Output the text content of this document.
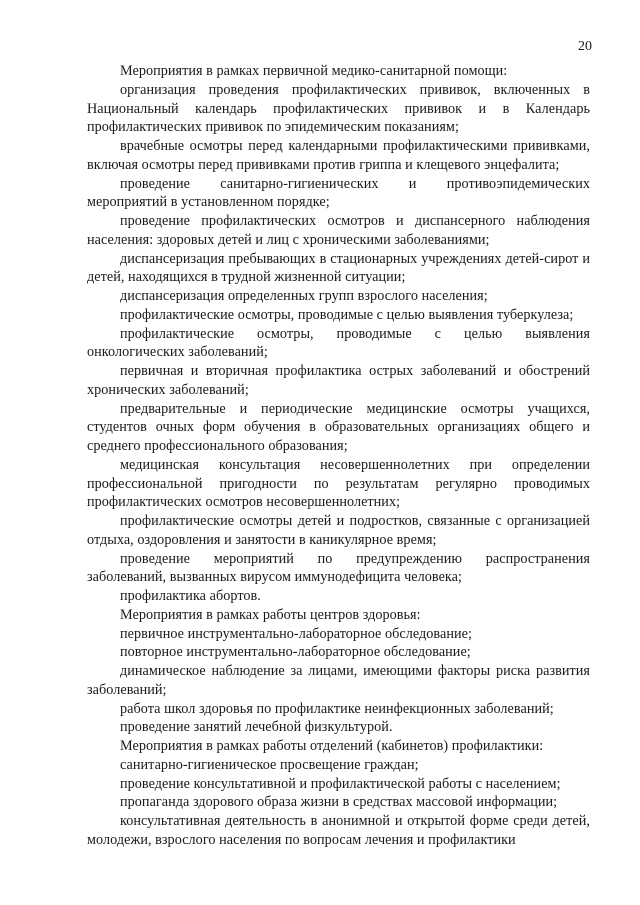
20

Мероприятия в рамках первичной медико-санитарной помощи:

организация проведения профилактических прививок, включенных в Национальный календарь профилактических прививок и в Календарь профилактических прививок по эпидемическим показаниям;

врачебные осмотры перед календарными профилактическими прививками, включая осмотры перед прививками против гриппа и клещевого энцефалита;

проведение санитарно-гигиенических и противоэпидемических мероприятий в установленном порядке;

проведение профилактических осмотров и диспансерного наблюдения населения: здоровых детей и лиц с хроническими заболеваниями;

диспансеризация пребывающих в стационарных учреждениях детей-сирот и детей, находящихся в трудной жизненной ситуации;

диспансеризация определенных групп взрослого населения;

профилактические осмотры, проводимые с целью выявления туберкулеза;

профилактические осмотры, проводимые с целью выявления онкологических заболеваний;

первичная и вторичная профилактика острых заболеваний и обострений хронических заболеваний;

предварительные и периодические медицинские осмотры учащихся, студентов очных форм обучения в образовательных организациях общего и среднего профессионального образования;

медицинская консультация несовершеннолетних при определении профессиональной пригодности по результатам регулярно проводимых профилактических осмотров несовершеннолетних;

профилактические осмотры детей и подростков, связанные с организацией отдыха, оздоровления и занятости в каникулярное время;

проведение мероприятий по предупреждению распространения заболеваний, вызванных вирусом иммунодефицита человека;

профилактика абортов.

Мероприятия в рамках работы центров здоровья:

первичное инструментально-лабораторное обследование;

повторное инструментально-лабораторное обследование;

динамическое наблюдение за лицами, имеющими факторы риска развития заболеваний;

работа школ здоровья по профилактике неинфекционных заболеваний;

проведение занятий лечебной физкультурой.

Мероприятия в рамках работы отделений (кабинетов) профилактики:

санитарно-гигиеническое просвещение граждан;

проведение консультативной и профилактической работы с населением;

пропаганда здорового образа жизни в средствах массовой информации;

консультативная деятельность в анонимной и открытой форме среди детей, молодежи, взрослого населения по вопросам лечения и профилактики
